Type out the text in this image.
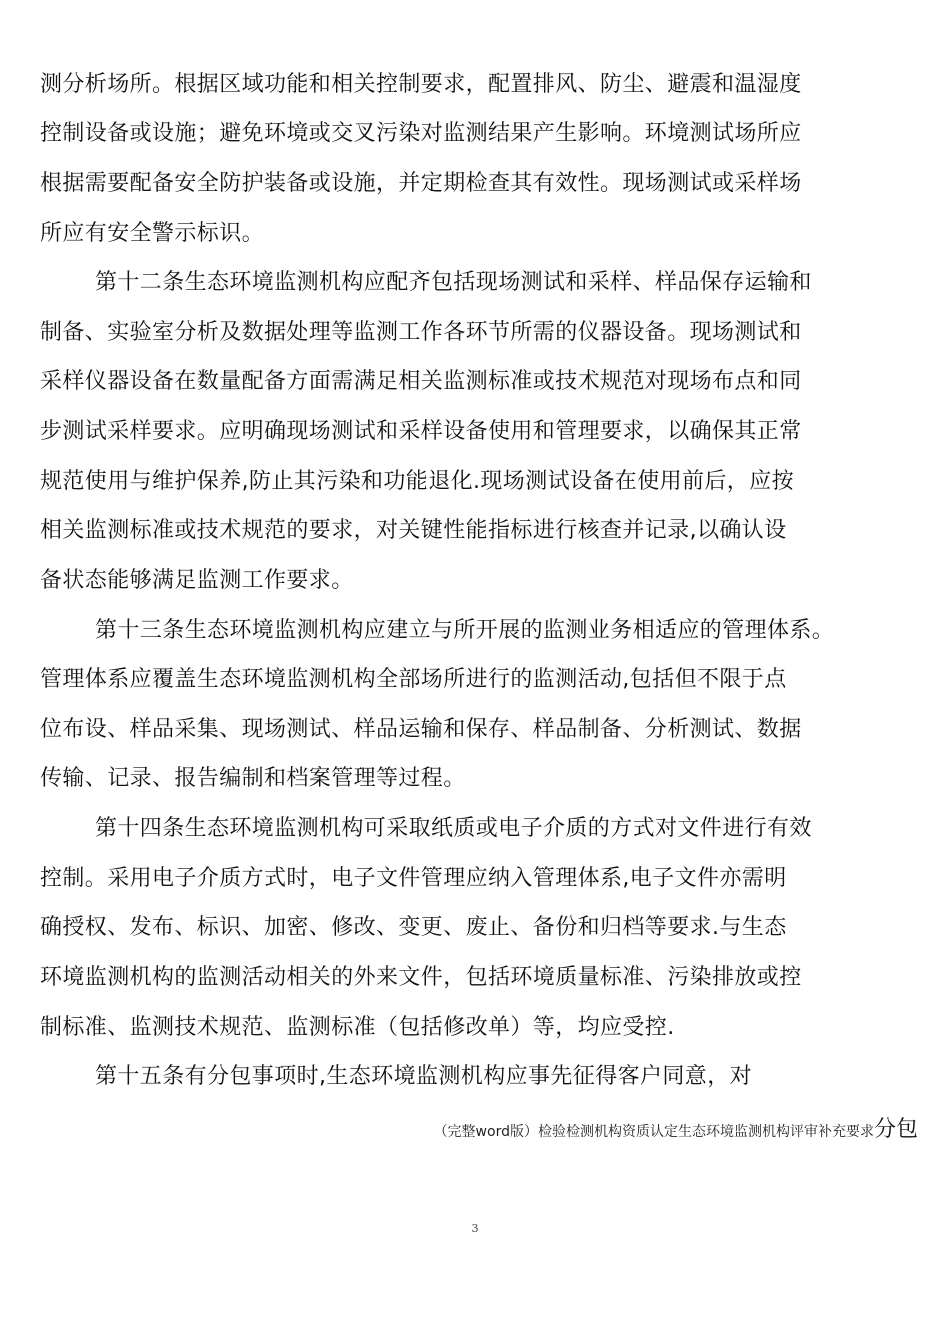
测分析场所。根据区域功能和相关控制要求，配置排风、防尘、避震和温湿度
控制设备或设施；避免环境或交叉污染对监测结果产生影响。环境测试场所应
根据需要配备安全防护装备或设施，并定期检查其有效性。现场测试或采样场
所应有安全警示标识。
第十二条生态环境监测机构应配齐包括现场测试和采样、样品保存运输和
制备、实验室分析及数据处理等监测工作各环节所需的仪器设备。现场测试和
采样仪器设备在数量配备方面需满足相关监测标准或技术规范对现场布点和同
步测试采样要求。应明确现场测试和采样设备使用和管理要求，以确保其正常
规范使用与维护保养,防止其污染和功能退化.现场测试设备在使用前后，应按
相关监测标准或技术规范的要求，对关键性能指标进行核查并记录,以确认设
备状态能够满足监测工作要求。
第十三条生态环境监测机构应建立与所开展的监测业务相适应的管理体系。
管理体系应覆盖生态环境监测机构全部场所进行的监测活动,包括但不限于点
位布设、样品采集、现场测试、样品运输和保存、样品制备、分析测试、数据
传输、记录、报告编制和档案管理等过程。
第十四条生态环境监测机构可采取纸质或电子介质的方式对文件进行有效
控制。采用电子介质方式时，电子文件管理应纳入管理体系,电子文件亦需明
确授权、发布、标识、加密、修改、变更、废止、备份和归档等要求.与生态
环境监测机构的监测活动相关的外来文件，包括环境质量标准、污染排放或控
制标准、监测技术规范、监测标准（包括修改单）等，均应受控.
第十五条有分包事项时,生态环境监测机构应事先征得客户同意，对
（完整word版）检验检测机构资质认定生态环境监测机构评审补充要求分包
3
